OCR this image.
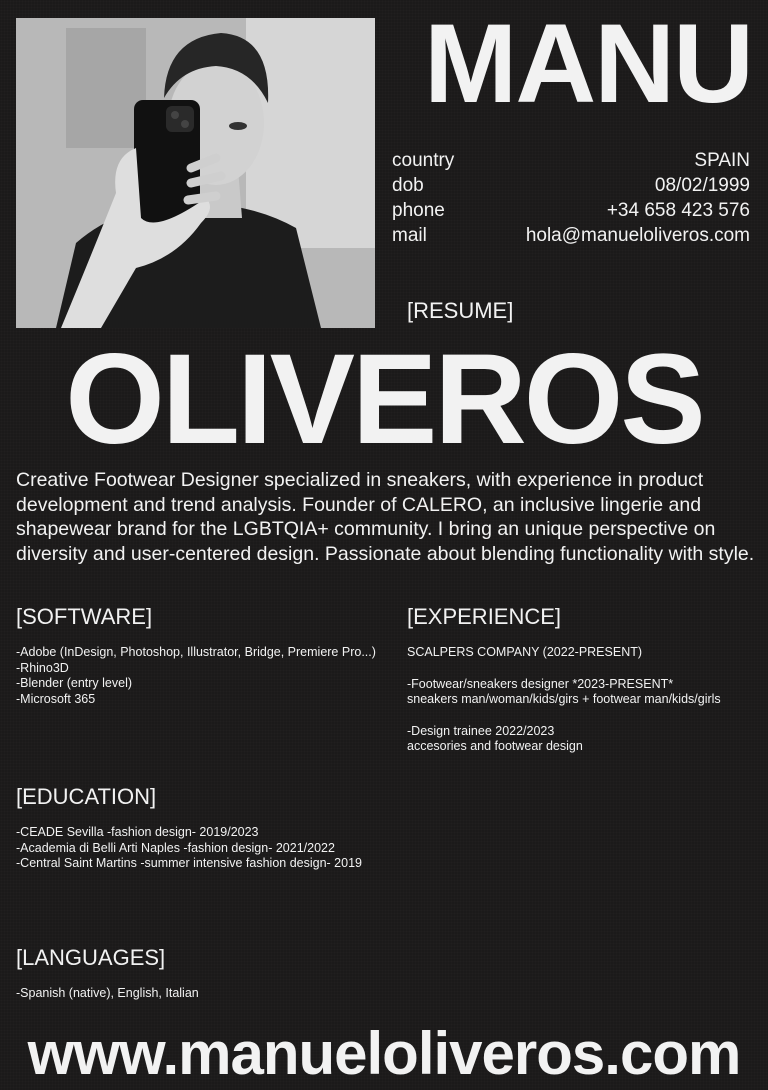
MANU
country	SPAIN
dob	08/02/1999
phone	+34 658 423 576
mail	hola@manueloliveros.com
[RESUME]
OLIVEROS
Creative Footwear Designer specialized in sneakers, with experience in product development and trend analysis. Founder of CALERO, an inclusive lingerie and shapewear brand for the LGBTQIA+ community. I bring an unique perspective on diversity and user-centered design. Passionate about blending functionality with style.
[SOFTWARE]
-Adobe (InDesign, Photoshop, Illustrator, Bridge, Premiere Pro...)
-Rhino3D
-Blender (entry level)
-Microsoft 365
[EXPERIENCE]
SCALPERS COMPANY (2022-PRESENT)
-Footwear/sneakers designer *2023-PRESENT*
sneakers man/woman/kids/girs + footwear man/kids/girls
-Design trainee 2022/2023
accesories and footwear design
[EDUCATION]
-CEADE Sevilla -fashion design- 2019/2023
-Academia di Belli Arti Naples -fashion design- 2021/2022
-Central Saint Martins -summer intensive fashion design- 2019
[LANGUAGES]
-Spanish (native), English, Italian
www.manueloliveros.com
